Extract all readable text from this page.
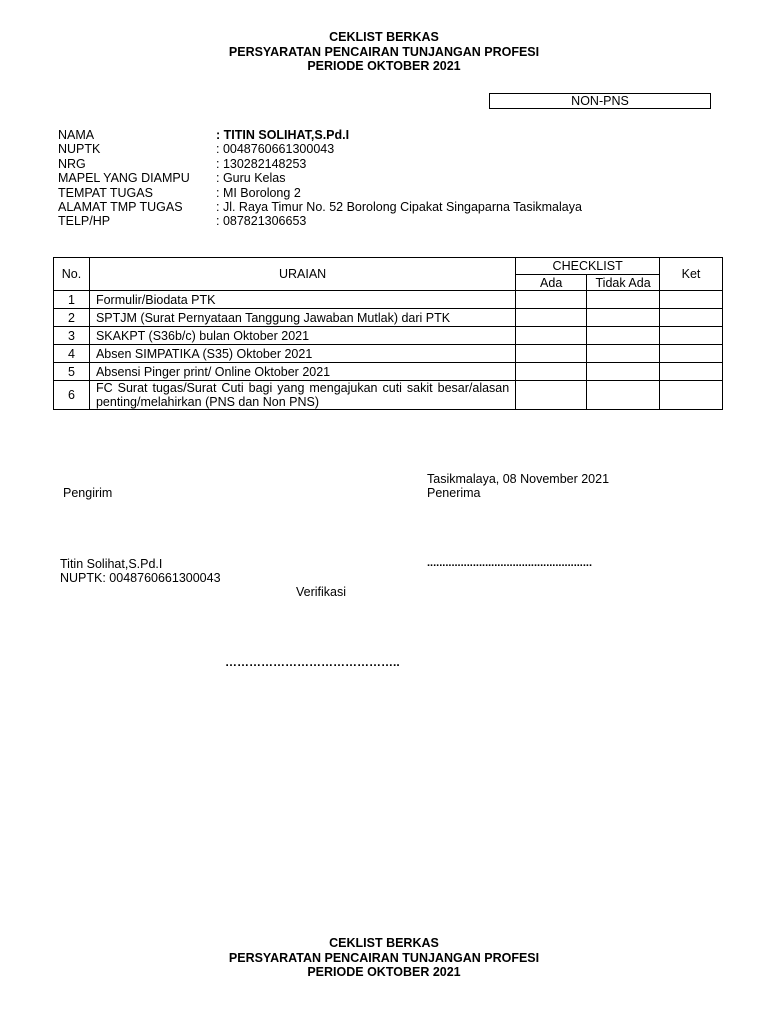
CEKLIST BERKAS
PERSYARATAN PENCAIRAN TUNJANGAN PROFESI
PERIODE OKTOBER 2021
NON-PNS
NAMA	: TITIN SOLIHAT,S.Pd.I
NUPTK	: 0048760661300043
NRG	: 130282148253
MAPEL YANG DIAMPU : Guru Kelas
TEMPAT TUGAS	: MI Borolong 2
ALAMAT TMP TUGAS	: Jl. Raya Timur No. 52 Borolong Cipakat Singaparna Tasikmalaya
TELP/HP	: 087821306653
No.	URAIAN	CHECKLIST		Ket
		Ada	Tidak Ada	
1	Formulir/Biodata PTK			
2	SPTJM (Surat Pernyataan Tanggung Jawaban Mutlak) dari PTK			
3	SKAKPT (S36b/c) bulan Oktober 2021			
4	Absen SIMPATIKA (S35) Oktober 2021			
5	Absensi Pinger print/ Online Oktober 2021			
6	FC Surat tugas/Surat Cuti bagi yang mengajukan cuti sakit besar/alasan penting/melahirkan (PNS dan Non PNS)			
Tasikmalaya, 08 November 2021
Penerima
Pengirim
Titin Solihat,S.Pd.I
NUPTK: 0048760661300043
......................................................
Verifikasi
……………………………………..
CEKLIST BERKAS
PERSYARATAN PENCAIRAN TUNJANGAN PROFESI
PERIODE OKTOBER 2021
